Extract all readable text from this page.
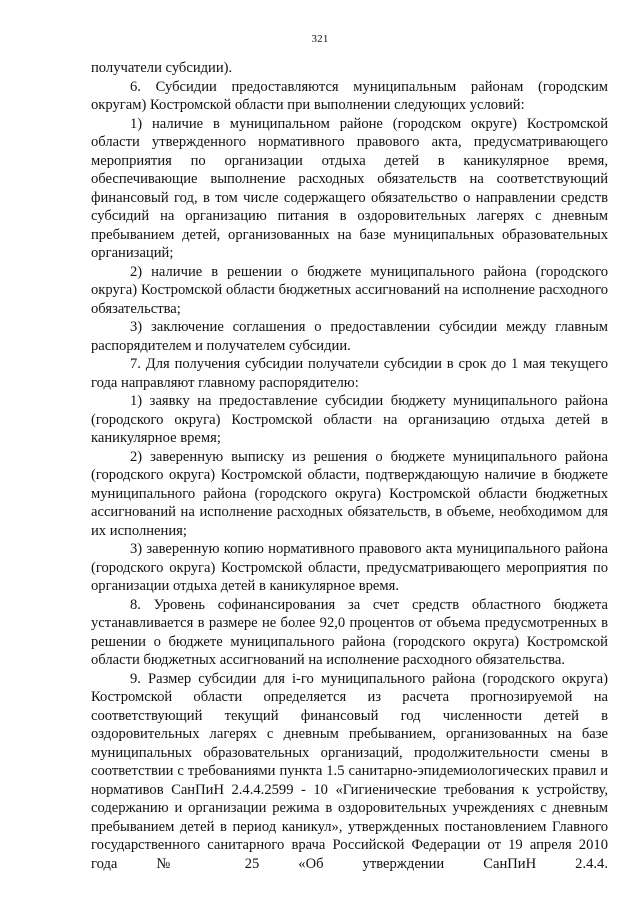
321

получатели субсидии).

6. Субсидии предоставляются муниципальным районам (городским округам) Костромской области при выполнении следующих условий:

1) наличие в муниципальном районе (городском округе) Костромской области утвержденного нормативного правового акта, предусматривающего мероприятия по организации отдыха детей в каникулярное время, обеспечивающие выполнение расходных обязательств на соответствующий финансовый год, в том числе содержащего обязательство о направлении средств субсидий на организацию питания в оздоровительных лагерях с дневным пребыванием детей, организованных на базе муниципальных образовательных организаций;

2) наличие в решении о бюджете муниципального района (городского округа) Костромской области бюджетных ассигнований на исполнение расходного обязательства;

3) заключение соглашения о предоставлении субсидии между главным распорядителем и получателем субсидии.

7. Для получения субсидии получатели субсидии в срок до 1 мая текущего года направляют главному распорядителю:

1) заявку на предоставление субсидии бюджету муниципального района (городского округа) Костромской области на организацию отдыха детей в каникулярное время;

2) заверенную выписку из решения о бюджете муниципального района (городского округа) Костромской области, подтверждающую наличие в бюджете муниципального района (городского округа) Костромской области бюджетных ассигнований на исполнение расходных обязательств, в объеме, необходимом для их исполнения;

3) заверенную копию нормативного правового акта муниципального района (городского округа) Костромской области, предусматривающего мероприятия по организации отдыха детей в каникулярное время.

8. Уровень софинансирования за счет средств областного бюджета устанавливается в размере не более 92,0 процентов от объема предусмотренных в решении о бюджете муниципального района (городского округа) Костромской области бюджетных ассигнований на исполнение расходного обязательства.

9. Размер субсидии для i-го муниципального района (городского округа) Костромской области определяется из расчета прогнозируемой на соответствующий текущий финансовый год численности детей в оздоровительных лагерях с дневным пребыванием, организованных на базе муниципальных образовательных организаций, продолжительности смены в соответствии с требованиями пункта 1.5 санитарно-эпидемиологических правил и нормативов СанПиН 2.4.4.2599 - 10 «Гигиенические требования к устройству, содержанию и организации режима в оздоровительных учреждениях с дневным пребыванием детей в период каникул», утвержденных постановлением Главного государственного санитарного врача Российской Федерации от 19 апреля 2010 года № 25 «Об утверждении СанПиН 2.4.4.
